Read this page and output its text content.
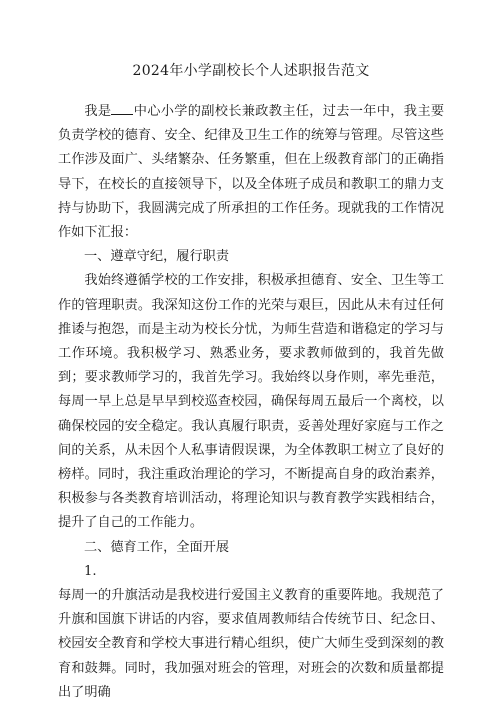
2024年小学副校长个人述职报告范文

我是 中心小学的副校长兼政教主任，过去一年中，我主要负责学校的德育、安全、纪律及卫生工作的统筹与管理。尽管这些工作涉及面广、头绪繁杂、任务繁重，但在上级教育部门的正确指导下，在校长的直接领导下，以及全体班子成员和教职工的鼎力支持与协助下，我圆满完成了所承担的工作任务。现就我的工作情况作如下汇报：

一、遵章守纪，履行职责

我始终遵循学校的工作安排，积极承担德育、安全、卫生等工作的管理职责。我深知这份工作的光荣与艰巨，因此从未有过任何推诿与抱怨，而是主动为校长分忧，为师生营造和谐稳定的学习与工作环境。我积极学习、熟悉业务，要求教师做到的，我首先做到；要求教师学习的，我首先学习。我始终以身作则，率先垂范，每周一早上总是早早到校巡查校园，确保每周五最后一个离校，以确保校园的安全稳定。我认真履行职责，妥善处理好家庭与工作之间的关系，从未因个人私事请假误课，为全体教职工树立了良好的榜样。同时，我注重政治理论的学习，不断提高自身的政治素养，积极参与各类教育培训活动，将理论知识与教育教学实践相结合，提升了自己的工作能力。

二、德育工作，全面开展

1.

每周一的升旗活动是我校进行爱国主义教育的重要阵地。我规范了升旗和国旗下讲话的内容，要求值周教师结合传统节日、纪念日、校园安全教育和学校大事进行精心组织，使广大师生受到深刻的教育和鼓舞。同时，我加强对班会的管理，对班会的次数和质量都提出了明确
